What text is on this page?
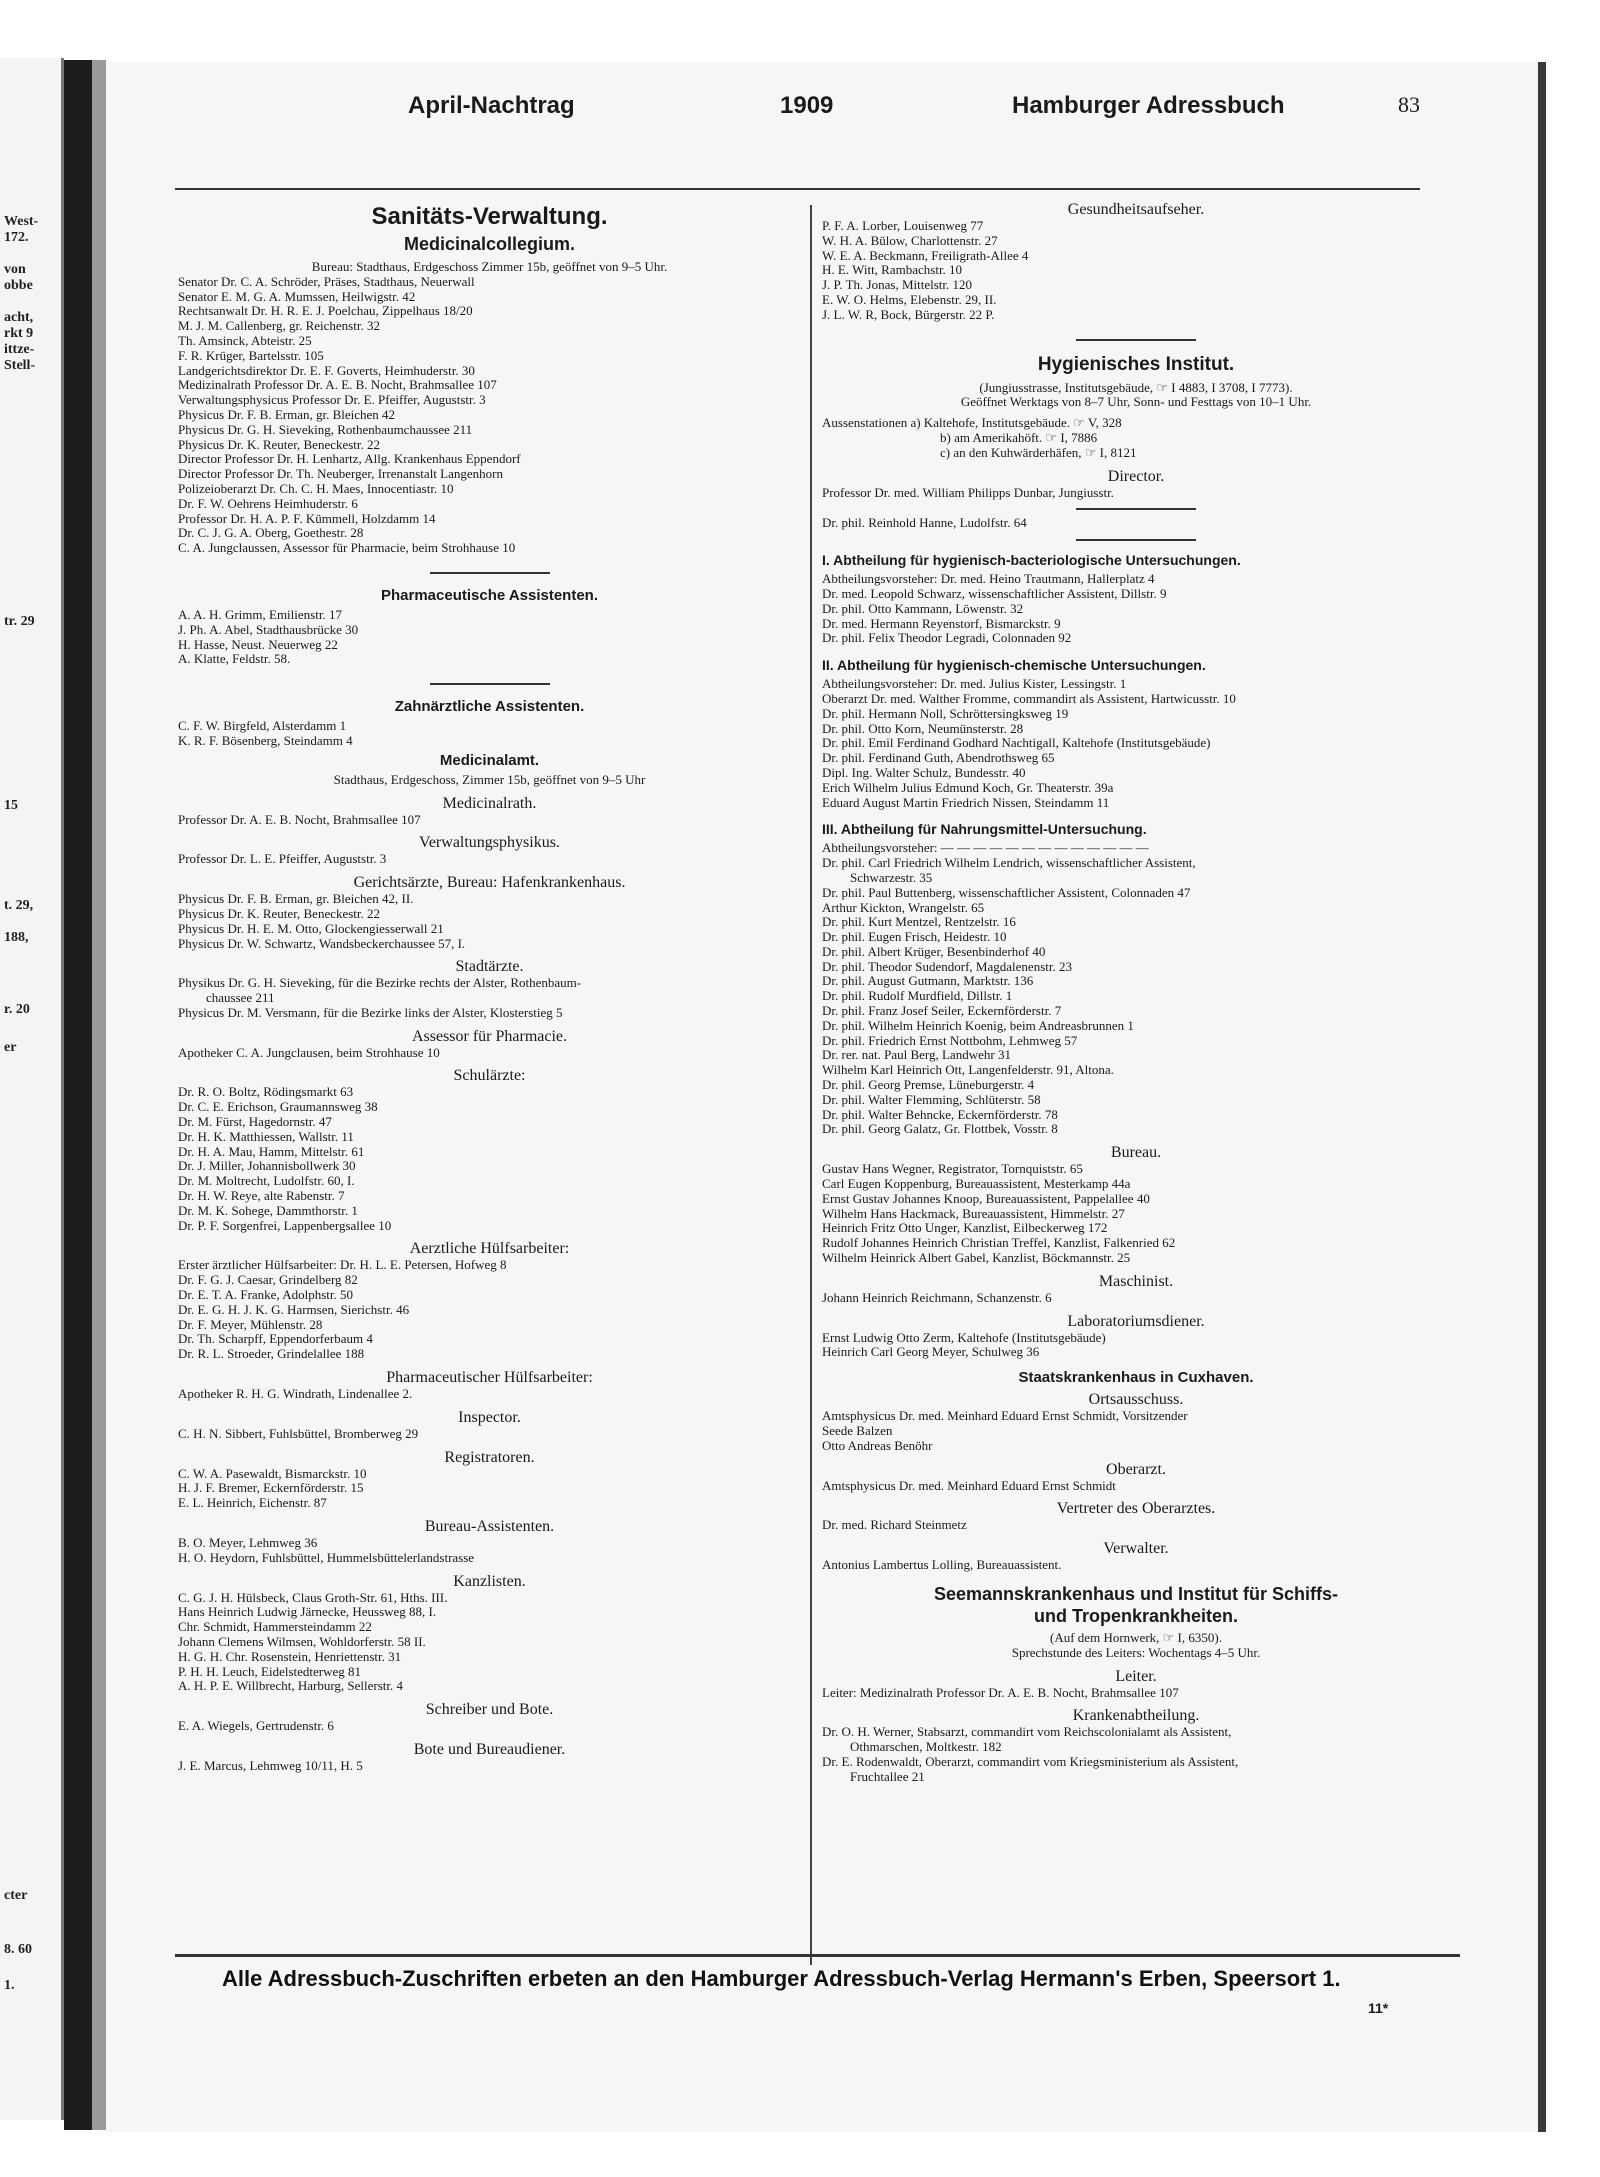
West-
172.
von
obbe
acht,
rkt 9
ittze-
Stell-
tr. 29
15
t. 29,
188,
r. 20
er
cter
8. 60
1.
April-Nachtrag	1909	Hamburger Adressbuch	83
Sanitäts-Verwaltung.
Medicinalcollegium.
Bureau: Stadthaus, Erdgeschoss Zimmer 15b, geöffnet von 9–5 Uhr.
Senator Dr. C. A. Schröder, Präses, Stadthaus, Neuerwall
Senator E. M. G. A. Mumssen, Heilwigstr. 42
Rechtsanwalt Dr. H. R. E. J. Poelchau, Zippelhaus 18/20
M. J. M. Callenberg, gr. Reichenstr. 32
Th. Amsinck, Abteistr. 25
F. R. Krüger, Bartelsstr. 105
Landgerichtsdirektor Dr. E. F. Goverts, Heimhuderstr. 30
Medizinalrath Professor Dr. A. E. B. Nocht, Brahmsallee 107
Verwaltungsphysicus Professor Dr. E. Pfeiffer, Auguststr. 3
Physicus Dr. F. B. Erman, gr. Bleichen 42
Physicus Dr. G. H. Sieveking, Rothenbaumchaussee 211
Physicus Dr. K. Reuter, Beneckestr. 22
Director Professor Dr. H. Lenhartz, Allg. Krankenhaus Eppendorf
Director Professor Dr. Th. Neuberger, Irrenanstalt Langenhorn
Polizeioberarzt Dr. Ch. C. H. Maes, Innocentiastr. 10
Dr. F. W. Oehrens Heimhuderstr. 6
Professor Dr. H. A. P. F. Kümmell, Holzdamm 14
Dr. C. J. G. A. Oberg, Goethestr. 28
C. A. Jungclaussen, Assessor für Pharmacie, beim Strohhause 10
Pharmaceutische Assistenten.
A. A. H. Grimm, Emilienstr. 17
J. Ph. A. Abel, Stadthausbrücke 30
H. Hasse, Neust. Neuerweg 22
A. Klatte, Feldstr. 58.
Zahnärztliche Assistenten.
C. F. W. Birgfeld, Alsterdamm 1
K. R. F. Bösenberg, Steindamm 4
Medicinalamt.
Stadthaus, Erdgeschoss, Zimmer 15b, geöffnet von 9–5 Uhr
Medicinalrath.
Professor Dr. A. E. B. Nocht, Brahmsallee 107
Verwaltungsphysikus.
Professor Dr. L. E. Pfeiffer, Auguststr. 3
Gerichtsärzte, Bureau: Hafenkrankenhaus.
Physicus Dr. F. B. Erman, gr. Bleichen 42, II.
Physicus Dr. K. Reuter, Beneckestr. 22
Physicus Dr. H. E. M. Otto, Glockengiesserwall 21
Physicus Dr. W. Schwartz, Wandsbeckerchaussee 57, I.
Stadtärzte.
Physikus Dr. G. H. Sieveking, für die Bezirke rechts der Alster, Rothenbaum-
chaussee 211
Physicus Dr. M. Versmann, für die Bezirke links der Alster, Klosterstieg 5
Assessor für Pharmacie.
Apotheker C. A. Jungclausen, beim Strohhause 10
Schulärzte:
Dr. R. O. Boltz, Rödingsmarkt 63
Dr. C. E. Erichson, Graumannsweg 38
Dr. M. Fürst, Hagedornstr. 47
Dr. H. K. Matthiessen, Wallstr. 11
Dr. H. A. Mau, Hamm, Mittelstr. 61
Dr. J. Miller, Johannisbollwerk 30
Dr. M. Moltrecht, Ludolfstr. 60, I.
Dr. H. W. Reye, alte Rabenstr. 7
Dr. M. K. Sohege, Dammthorstr. 1
Dr. P. F. Sorgenfrei, Lappenbergsallee 10
Aerztliche Hülfsarbeiter:
Erster ärztlicher Hülfsarbeiter: Dr. H. L. E. Petersen, Hofweg 8
Dr. F. G. J. Caesar, Grindelberg 82
Dr. E. T. A. Franke, Adolphstr. 50
Dr. E. G. H. J. K. G. Harmsen, Sierichstr. 46
Dr. F. Meyer, Mühlenstr. 28
Dr. Th. Scharpff, Eppendorferbaum 4
Dr. R. L. Stroeder, Grindelallee 188
Pharmaceutischer Hülfsarbeiter:
Apotheker R. H. G. Windrath, Lindenallee 2.
Inspector.
C. H. N. Sibbert, Fuhlsbüttel, Bromberweg 29
Registratoren.
C. W. A. Pasewaldt, Bismarckstr. 10
H. J. F. Bremer, Eckernförderstr. 15
E. L. Heinrich, Eichenstr. 87
Bureau-Assistenten.
B. O. Meyer, Lehmweg 36
H. O. Heydorn, Fuhlsbüttel, Hummelsbüttelerlandstrasse
Kanzlisten.
C. G. J. H. Hülsbeck, Claus Groth-Str. 61, Hths. III.
Hans Heinrich Ludwig Järnecke, Heussweg 88, I.
Chr. Schmidt, Hammersteindamm 22
Johann Clemens Wilmsen, Wohldorferstr. 58 II.
H. G. H. Chr. Rosenstein, Henriettenstr. 31
P. H. H. Leuch, Eidelstedterweg 81
A. H. P. E. Willbrecht, Harburg, Sellerstr. 4
Schreiber und Bote.
E. A. Wiegels, Gertrudenstr. 6
Bote und Bureaudiener.
J. E. Marcus, Lehmweg 10/11, H. 5
Gesundheitsaufseher.
P. F. A. Lorber, Louisenweg 77
W. H. A. Bülow, Charlottenstr. 27
W. E. A. Beckmann, Freiligrath-Allee 4
H. E. Witt, Rambachstr. 10
J. P. Th. Jonas, Mittelstr. 120
E. W. O. Helms, Elebenstr. 29, II.
J. L. W. R, Bock, Bürgerstr. 22 P.
Hygienisches Institut.
(Jungiusstrasse, Institutsgebäude, ☞ I 4883, I 3708, I 7773).
Geöffnet Werktags von 8–7 Uhr, Sonn- und Festtags von 10–1 Uhr.
Aussenstationen a) Kaltehofe, Institutsgebäude. ☞ V, 328
b) am Amerikahöft. ☞ I, 7886
c) an den Kuhwärderhäfen, ☞ I, 8121
Director.
Professor Dr. med. William Philipps Dunbar, Jungiusstr.
Dr. phil. Reinhold Hanne, Ludolfstr. 64
I. Abtheilung für hygienisch-bacteriologische Untersuchungen.
Abtheilungsvorsteher: Dr. med. Heino Trautmann, Hallerplatz 4
Dr. med. Leopold Schwarz, wissenschaftlicher Assistent, Dillstr. 9
Dr. phil. Otto Kammann, Löwenstr. 32
Dr. med. Hermann Reyenstorf, Bismarckstr. 9
Dr. phil. Felix Theodor Legradi, Colonnaden 92
II. Abtheilung für hygienisch-chemische Untersuchungen.
Abtheilungsvorsteher: Dr. med. Julius Kister, Lessingstr. 1
Oberarzt Dr. med. Walther Fromme, commandirt als Assistent, Hartwicusstr. 10
Dr. phil. Hermann Noll, Schröttersingksweg 19
Dr. phil. Otto Korn, Neumünsterstr. 28
Dr. phil. Emil Ferdinand Godhard Nachtigall, Kaltehofe (Institutsgebäude)
Dr. phil. Ferdinand Guth, Abendrothsweg 65
Dipl. Ing. Walter Schulz, Bundesstr. 40
Erich Wilhelm Julius Edmund Koch, Gr. Theaterstr. 39a
Eduard August Martin Friedrich Nissen, Steindamm 11
III. Abtheilung für Nahrungsmittel-Untersuchung.
Abtheilungsvorsteher: — — — — — — — — — — — — —
Dr. phil. Carl Friedrich Wilhelm Lendrich, wissenschaftlicher Assistent,
Schwarzestr. 35
Dr. phil. Paul Buttenberg, wissenschaftlicher Assistent, Colonnaden 47
Arthur Kickton, Wrangelstr. 65
Dr. phil. Kurt Mentzel, Rentzelstr. 16
Dr. phil. Eugen Frisch, Heidestr. 10
Dr. phil. Albert Krüger, Besenbinderhof 40
Dr. phil. Theodor Sudendorf, Magdalenenstr. 23
Dr. phil. August Gutmann, Marktstr. 136
Dr. phil. Rudolf Murdfield, Dillstr. 1
Dr. phil. Franz Josef Seiler, Eckernförderstr. 7
Dr. phil. Wilhelm Heinrich Koenig, beim Andreasbrunnen 1
Dr. phil. Friedrich Ernst Nottbohm, Lehmweg 57
Dr. rer. nat. Paul Berg, Landwehr 31
Wilhelm Karl Heinrich Ott, Langenfelderstr. 91, Altona.
Dr. phil. Georg Premse, Lüneburgerstr. 4
Dr. phil. Walter Flemming, Schlüterstr. 58
Dr. phil. Walter Behncke, Eckernförderstr. 78
Dr. phil. Georg Galatz, Gr. Flottbek, Vosstr. 8
Bureau.
Gustav Hans Wegner, Registrator, Tornquiststr. 65
Carl Eugen Koppenburg, Bureauassistent, Mesterkamp 44a
Ernst Gustav Johannes Knoop, Bureauassistent, Pappelallee 40
Wilhelm Hans Hackmack, Bureauassistent, Himmelstr. 27
Heinrich Fritz Otto Unger, Kanzlist, Eilbeckerweg 172
Rudolf Johannes Heinrich Christian Treffel, Kanzlist, Falkenried 62
Wilhelm Heinrick Albert Gabel, Kanzlist, Böckmannstr. 25
Maschinist.
Johann Heinrich Reichmann, Schanzenstr. 6
Laboratoriumsdiener.
Ernst Ludwig Otto Zerm, Kaltehofe (Institutsgebäude)
Heinrich Carl Georg Meyer, Schulweg 36
Staatskrankenhaus in Cuxhaven.
Ortsausschuss.
Amtsphysicus Dr. med. Meinhard Eduard Ernst Schmidt, Vorsitzender
Seede Balzen
Otto Andreas Benöhr
Oberarzt.
Amtsphysicus Dr. med. Meinhard Eduard Ernst Schmidt
Vertreter des Oberarztes.
Dr. med. Richard Steinmetz
Verwalter.
Antonius Lambertus Lolling, Bureauassistent.
Seemannskrankenhaus und Institut für Schiffs-
und Tropenkrankheiten.
(Auf dem Hornwerk, ☞ I, 6350).
Sprechstunde des Leiters: Wochentags 4–5 Uhr.
Leiter.
Leiter: Medizinalrath Professor Dr. A. E. B. Nocht, Brahmsallee 107
Krankenabtheilung.
Dr. O. H. Werner, Stabsarzt, commandirt vom Reichscolonialamt als Assistent,
Othmarschen, Moltkestr. 182
Dr. E. Rodenwaldt, Oberarzt, commandirt vom Kriegsministerium als Assistent,
Fruchtallee 21
Alle Adressbuch-Zuschriften erbeten an den Hamburger Adressbuch-Verlag Hermann's Erben, Speersort 1.
11*
